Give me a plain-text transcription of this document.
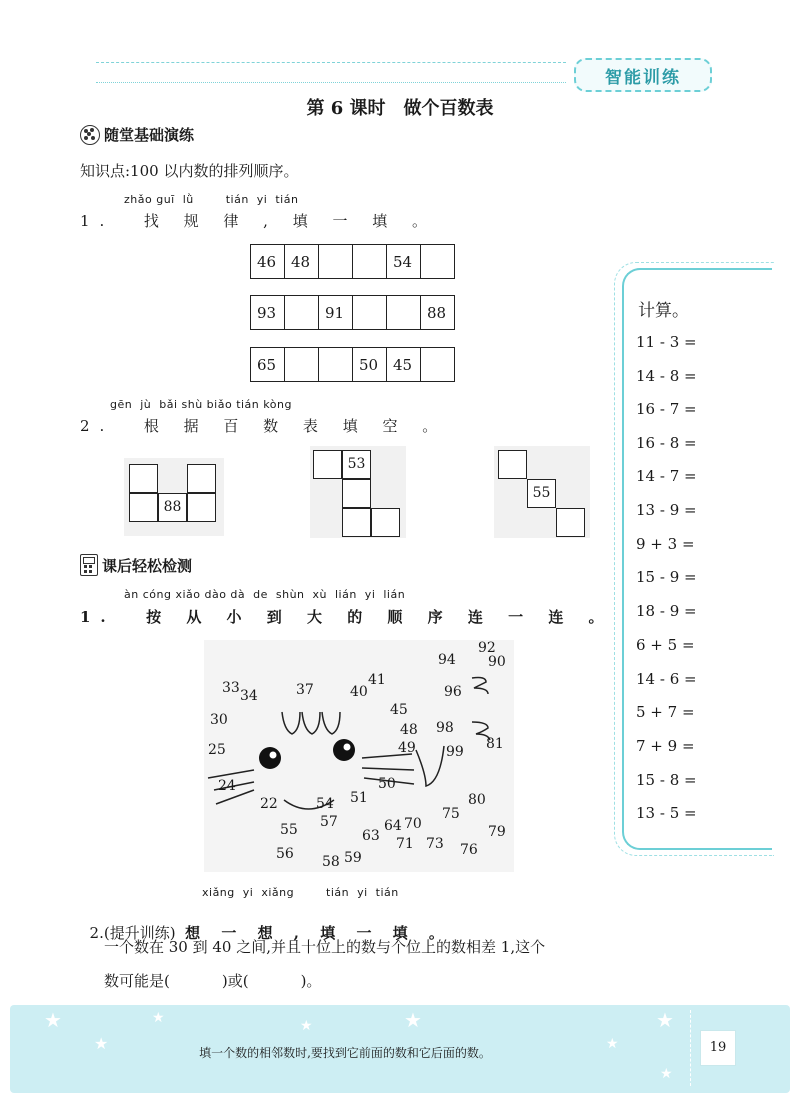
智能训练
第 6 课时　做个百数表
随堂基础演练
知识点:100 以内数的排列顺序。
zhǎo guī  lǜ        tián  yi  tián
1.  找 规 律 , 填 一 填 。
46	48			54	
93		91			88
65			50	45	
gēn  jù  bǎi shù biǎo tián kòng
2.  根 据 百 数 表 填 空 。
88
53
55
课后轻松检测
àn cóng xiǎo dào dà  de  shùn  xù  lián  yi  lián
1.  按 从 小 到 大 的 顺 序 连 一 连 。
33 34	37	40
41
94
92
90
30
96
45
48 98
25	49 99 81
24	50
22	54 51	80
55 57
63
64 70
75
79
56 58 59
71 73 76
xiǎng  yi  xiǎng        tián  yi  tián

2.(提升训练) 想 一 想 , 填 一 填 。

一个数在 30 到 40 之间,并且十位上的数与个位上的数相差 1,这个
数可能是(	)或(	)。
计算。
11 - 3 =
14 - 8 =
16 - 7 =
16 - 8 =
14 - 7 =
13 - 9 =
9 + 3 =
15 - 9 =
18 - 9 =
6 + 5 =
14 - 6 =
5 + 7 =
7 + 9 =
15 - 8 =
13 - 5 =
★
★
★	★	★
★
★
★
填一个数的相邻数时,要找到它前面的数和它后面的数。	19
